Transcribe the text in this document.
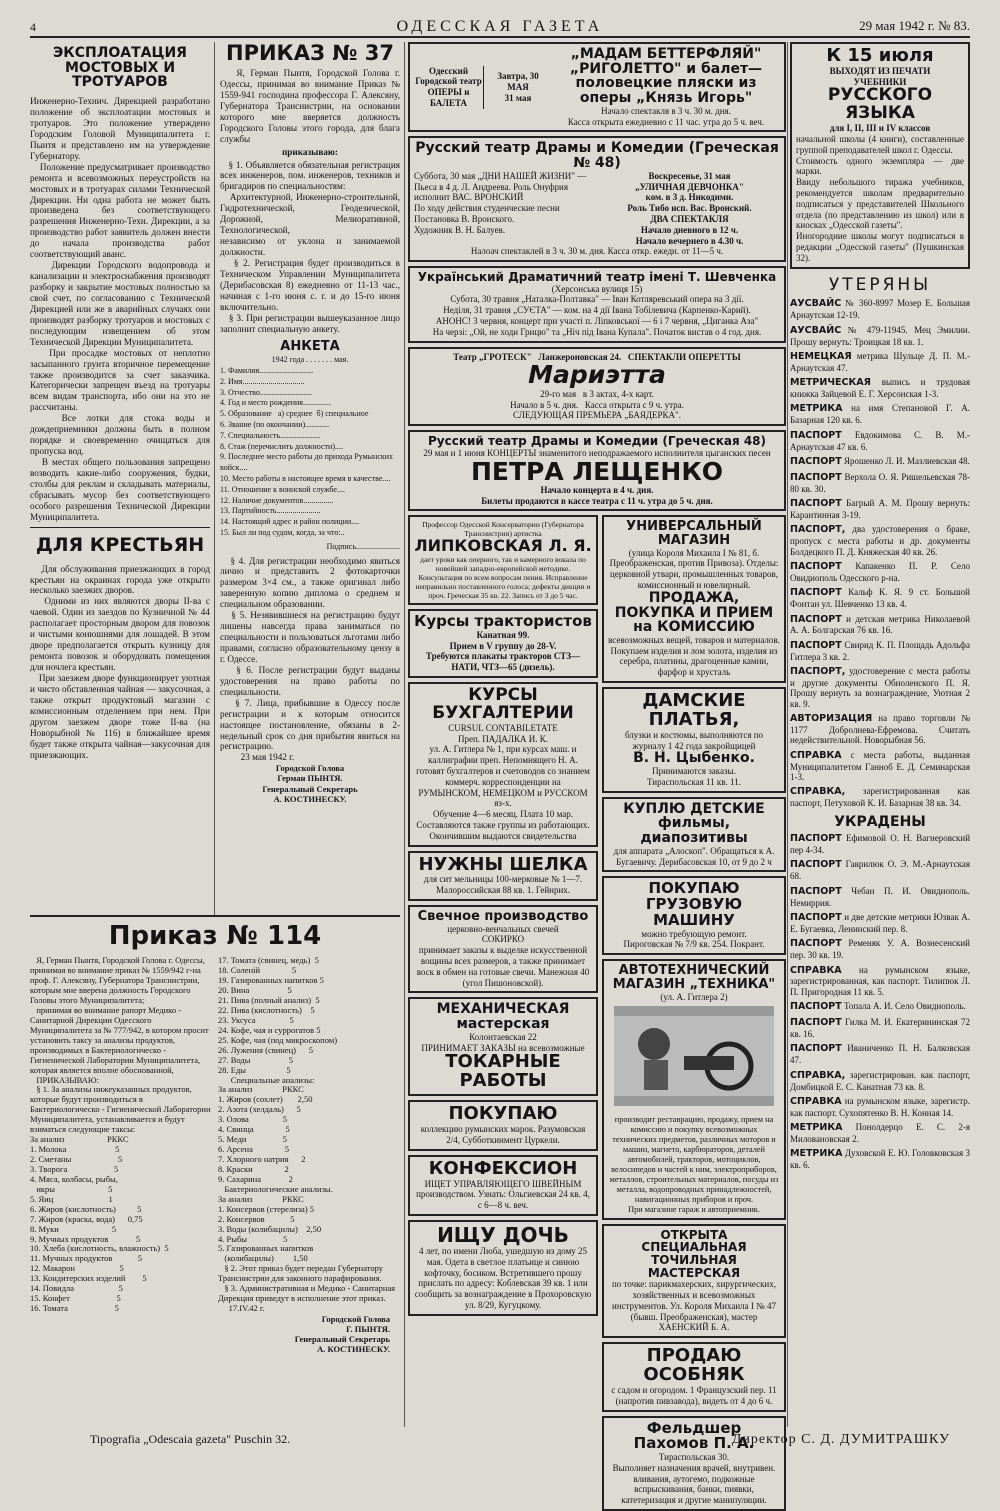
4	ОДЕССКАЯ ГАЗЕТА	29 мая 1942 г. № 83.
ЭКСПЛОАТАЦИЯ МОСТОВЫХ И ТРОТУАРОВ
Инженерно-Технич. Дирекцией разработано положение об эксплоатации мостовых и тротуаров. Это положение утверждено Городским Головой Муниципалитета г. Пынтя и представлено им на утверждение Губернатору.
Положение предусматривает производство ремонта и всевозможных переустройств на мостовых и в тротуарах силами Технической Дирекции. Ни одна работа не может быть произведена без соответствующего разрешения Инженерно-Техн. Дирекции, а за производство работ заявитель должен внести до начала производства работ соответствующий аванс.
Дирекции Городского водопровода и канализации и электроснабжения производят разборку и закрытие мостовых полностью за свой счет, по согласованию с Технической Дирекцией или же в аварийных случаях они производят разборку тротуаров и мостовых с последующим извещением об этом Технической Дирекции Муниципалитета.
При просадке мостовых от неплотно засыпанного грунта вторичное перемещение также производится за счет заказчика. Категорически запрещен въезд на тротуары всем видам транспорта, ибо они на это не рассчитаны.
Все лотки для стока воды и дождеприемники должны быть в полном порядке и своевременно очищаться для пропуска вод.
В местах общего пользования запрещено возводить какие-либо сооружения, будки, столбы для реклам и складывать материалы, сбрасывать мусор без соответствующего особого разрешения Технической Дирекции Муниципалитета.
ДЛЯ КРЕСТЬЯН
Для обслуживания приезжающих в город крестьян на окраинах города уже открыто несколько заезжих дворов.
Одними из них являются дворы II-ва с чаевой. Один из заездов по Кузничной № 44 располагает просторным двором для повозок и чистыми конюшнями для лошадей. В этом дворе предполагается открыть кузницу для ремонта повозок и оборудовать помещения для ночлега крестьян.
При заезжем дворе функционирует уютная и чисто обставленная чайная — закусочная, а также открыт продуктовый магазин с комиссионным отделением при нем. При другом заезжем дворе тоже II-ва (на Новорыбной № 116) в ближайшее время будет также открыта чайная—закусочная для приезжающих.
ПРИКАЗ № 37
Я, Герман Пынтя, Городской Голова г. Одессы, принимая во внимание Приказ № 1559-941 господина профессора Г. Алексяну, Губернатора Транснистрии, на основании которого мне вверяется должность Городского Головы этого города, для блага службы
приказываю:
§ 1. Объявляется обязательная регистрация всех инженеров, пом. инженеров, техников и бригадиров по специальностям:
Архитектурной, Инженерно-строительной, Гидротехнической, Геодезической, Дорожной, Мелиоративной, Технологической,
независимо от уклона и занимаемой должности.
§ 2. Регистрация будет производиться в Техническом Управлении Муниципалитета (Дерибасовская 8) ежедневно от 11-13 час., начиная с 1-го июня с. г. и до 15-го июня включительно.
§ 3. При регистрации вышеуказанное лицо заполнит специальную анкету.
АНКЕТА
1942 года . . . . . . . мая.
1. Фамилия...........................
2. Имя...............................
3. Отчество..........................
4. Год и место рождения..............
5. Образование   а) среднее  б) специальное
6. Звание (по окончании)............
7. Специальность....................
8. Стаж (перечислить должности)....
9. Последнее место работы до прихода Румынских войск....
10. Место работы в настоящее время в качестве....
11. Отношение к воинской службе....
12. Наличие документов...............
13. Партийность......................
14. Настоящий адрес и район полиции....
15. Был ли под судом, когда, за что:..
Подпись......................
§ 4. Для регистрации необходимо явиться лично и представить 2 фотокарточки размером 3×4 см., а также оригинал либо заверенную копию диплома о среднем и специальном образовании.
§ 5. Незявившиеся на регистрацию будут лишены навсегда права заниматься по специальности и пользоваться льготами либо правами, согласно образовательному цензу в г. Одессе.
§ 6. После регистрации будут выданы удостоверения на право работы по специальности.
§ 7. Лица, прибывшие в Одессу после регистрации и к которым относится настоящее постановление, обязаны в 2-недельный срок со дня прибытия явиться на регистрацию.
23 мая 1942 г.
Городской Голова
Герман ПЫНТЯ.
Генеральный Секретарь
А. КОСТИНЕСКУ.
Приказ № 114
Я, Герман Пынтя, Городской Голова г. Одессы, принимая во внимание приказ № 1559/942 г-на проф. Г. Алексяну, Губернатора Транснистрии, которым мне вверена должность Городского Головы этого Муниципалитета;
принимая во внимание рапорт Медико - Санитарной Дирекции Одесского Муниципалитета за № 777/942, в котором просит установить таксу за анализы продуктов, производимых в Бактериологическо - Гигиенической Лаборатории Муниципалитета, которая является вполне обоснованной,
ПРИКАЗЫВАЮ:
§ 1. За анализы нижеуказанных продуктов, которые будут производиться в Бактериологическо - Гигиенической Лаборатории Муниципалитета, устанавливается и будут взиматься следующие таксы:
За анализ                    РККС
1. Молока                       5
2. Сметаны                      5
3. Творога                      5
4. Мяса, колбасы, рыбы,
икры                         5
5. Яиц                          1
6. Жиров (кислотность)          5
7. Жиров (краска, вода)      0,75
8. Муки                         5
9. Мучных продуктов             5
10. Хлеба (кислотность, влажность)  5
11. Мучных продуктов            5
12. Макарон                     5
13. Кондитерских изделий        5
14. Повидла                     5
15. Конфет                      5
16. Томата                      5
17. Томата (свинец, медь)  5
18. Соленій               5
19. Газированных напитков 5
20. Вина                  5
21. Пива (полный анализ)  5
22. Пива (кислотность)    5
23. Уксуса                5
24. Кофе, чая и суррогатов 5
25. Кофе, чая (под микроскопом)
26. Лужения (свинец)      5
27. Воды                  5
28. Еды                   5
Специальные анализы:
За анализ              РККС
1. Жиров (сохлет)       2,50
2. Азота (хелдаль)      5
3. Олова                5
4. Свинца               5
5. Меди                 5
6. Арсена               5
7. Хлорного натрия      2
8. Краски               2
9. Сахарина             2
Бактериологические анализы.
За анализ              РККС
1. Консервов (стерелиза) 5
2. Консервов            5
3. Воды (колибацилы)    2,50
4. Рыбы                 5
5. Газированных напитков
(колибацилы)         1,50
§ 2. Этот приказ будет передан Губернатору Транснистрии для законного парафирования.
§ 3. Административная и Медико - Санитарная Дирекция приведут в исполнение этот приказ.
17.IV.42 г.
Городской Голова
Г. ПЫНТЯ.
Генеральный Секретарь
А. КОСТИНЕСКУ.
Одесский Городской театр ОПЕРЫ и БАЛЕТА
Завтра, 30 МАЯ
31 мая
„МАДАМ БЕТТЕРФЛЯЙ"
„РИГОЛЕТТО" и балет—половецкие пляски из оперы „Князь Игорь"
Начало спектакля в 3 ч. 30 м. дня.
Касса открыта ежедневно с 11 час. утра до 5 ч. веч.
Русский театр Драмы и Комедии (Греческая № 48)
Суббота, 30 мая „ДНИ НАШЕЙ ЖИЗНИ" — Пьеса в 4 д. Л. Андреева. Роль Онуфрия исполнит ВАС. ВРОНСКИЙ
По ходу действия студенческие песни
Постановка В. Вронского.
Художник В. Н. Балуев.
Воскресенье, 31 мая
„УЛИЧНАЯ ДЕВЧОНКА"
ком. в 3 д. Никодими.
Роль Тибо исп. Вас. Вронский.
ДВА СПЕКТАКЛЯ
Начало дневного в 12 ч.
Начало вечернего в 4.30 ч.
Налоач спектаклей в 3 ч. 30 м. дня. Касса откр. ежедн. от 11—5 ч.
Український Драматичний театр імені Т. Шевченка
(Херсонська вулиця 15)
Субота, 30 травня „Наталка-Полтавка" — Іван Котляревський опера на 3 дії.
Неділя, 31 травня „СУЄТА" — ком. на 4 дії Івана Тобілевича (Карпенко-Карий).
АНОНС! 3 червня, концерт при участі п. Ліпковської — 6 і 7 червня, „Циганка Аза"
На черзі: „Ой, не ходи Грицю" та „Ніч під Івана Купала". Початок вистав о 4 год. дня.
Театр „ГРОТЕСК"   Ланжероновская 24.   СПЕКТАКЛИ ОПЕРЕТТЫ
Мариэтта
29-го мая   в 3 актах, 4-х карт.
Начало в 5 ч. дня.   Касса открыта с 9 ч. утра.
СЛЕДУЮЩАЯ ПРЕМЬЕРА „БАЯДЕРКА".
Русский театр Драмы и Комедии (Греческая 48)
29 мая и 1 июня КОНЦЕРТЫ знаменитого неподражаемого исполнителя цыганских песен
ПЕТРА ЛЕЩЕНКО
Начало концерта в 4 ч. дня.
Билеты продаются в кассе театра с 11 ч. утра до 5 ч. дня.
Профессор Одесской Консерватории (Губернатора Транснистрии) артистка
ЛИПКОВСКАЯ Л. Я.
дает уроки как оперного, так и камерного вокала по новейшей западно-европейской методике. Консультация по всем вопросам пения. Исправление неправильно поставленного голоса; дефекты дикции и проч. Греческая 35 кв. 22. Запись от 3 до 5 час.
Курсы трактористов
Канатная 99.
Прием в V группу до 28-V.
Требуются плакаты тракторов СТЗ—НАТИ, ЧТЗ—65 (дизель).
КУРСЫ БУХГАЛТЕРИИ
CURSUL CONTABILEТАТЕ
Преп. ПАДАЛКА И. К.
ул. А. Гитлера № 1, при курсах маш. и каллиграфии преп. Непомнящего Н. А.
готовят бухгалтеров и счетоводов со знанием коммерч. корреспонденции на РУМЫНСКОМ, НЕМЕЦКОМ и РУССКОМ яз-х.
Обучение 4—6 месяц. Плата 10 мар. Составляются также группы из работающих.
Окончившим выдаются свидетельства
НУЖНЫ ШЕЛКА
для сит мельницы 100-мерковые № 1—7.
Малороссийская 88 кв. 1. Гейнрих.
Свечное производство
церковно-венчальных свечей
СОКИРКО
принимает заказы к выделке искусственной вощины всех размеров, а также принимает воск в обмен на готовые свечи. Манежная 40 (угол Пишоновской).
МЕХАНИЧЕСКАЯ мастерская
Колонтаевская 22
ПРИНИМАЕТ ЗАКАЗЫ на всевозможные
ТОКАРНЫЕ РАБОТЫ
ПОКУПАЮ
коллекцию румынских марок. Разумовская 2/4, Субботкинмент Цуркели.
КОНФЕКСИОН
ИЩЕТ УПРАВЛЯЮЩЕГО ШВЕЙНЫМ производством. Узнать: Ольгиевская 24 кв. 4, с 6—8 ч. веч.
ИЩУ ДОЧЬ
4 лет, по имени Люба, ушедшую из дому 25 мая. Одета в светлое платьице и синюю кофточку, босиком. Встретившего прошу прислать по адресу: Коблевская 39 кв. 1 или сообщить за вознаграждение в Прохоровскую ул. 8/29, Кугуцкому.
УНИВЕРСАЛЬНЫЙ МАГАЗИН
(улица Короля Михаила I № 81, б. Преображенская, против Привоза). Отделы: церковной утвари, промышленных товаров, комиссионный и ювелирный.
ПРОДАЖА, ПОКУПКА И ПРИЕМ на КОМИССИЮ
всевозможных вещей, товаров и материалов.
Покупаем изделия и лом золота, изделия из серебра, платины, драгоценные камни, фарфор и хрусталь
ДАМСКИЕ ПЛАТЬЯ,
блузки и костюмы, выполняются по журналу 1 42 года закройщицей
В. Н. Цыбенко.
Принимаются заказы.
Тираспольская 11 кв. 11.
КУПЛЮ ДЕТСКИЕ фильмы, диапозитивы
для аппарата „Алоскоп". Обращаться к А. Бугаевичу. Дерибасовская 10, от 9 до 2 ч
ПОКУПАЮ ГРУЗОВУЮ МАШИНУ
можно требующую ремонт.
Пироговская № 7/9 кв. 254. Покрант.
АВТОТЕХНИЧЕСКИЙ МАГАЗИН „ТЕХНИКА"
(ул. А. Гитлера 2)
производит реставрацию, продажу, прием на комиссию и покупку всевозможных технических предметов, различных моторов и машин, магнето, карбюраторов, деталей автомобилей, тракторов, мотоциклов, велосипедов и частей к ним, электроприборов, металлов, строительных материалов, посуды из металла, водопроводных принадлежностей, навигационных приборов и проч.
При магазине гараж и автоприемник.
ОТКРЫТА СПЕЦИАЛЬНАЯ ТОЧИЛЬНАЯ МАСТЕРСКАЯ
по точке: парикмахерских, хирургических, хозяйственных и всевозможных инструментов. Ул. Короля Михаила I № 47 (бывш. Преображенская), мастер ХАЕНСКИЙ Б. А.
ПРОДАЮ ОСОБНЯК
с садом и огородом. 1 Французский пер. 11 (напротив пивзавода), видеть от 4 до 6 ч.
Фельдшер Пахомов П. А.
Тираспольская 30.
Выполняет назначения врачей, внутривен. вливания, аутогемо, подкожные вспрыскивания, банки, пиявки, катетеризация и другие манипуляции.
К 15 июля
ВЫХОДЯТ ИЗ ПЕЧАТИ
УЧЕБНИКИ
РУССКОГО ЯЗЫКА
для I, II, III и IV классов
начальной школы (4 книги), составленные группой преподавателей школ г. Одессы.
Стоимость одного экземпляра — две марки.
Ввиду небольшого тиража учебников, рекомендуется школам предварительно подписаться у представителей Школьного отдела (по представлению из школ) или в киосках „Одесской газеты".
Иногородние школы могут подписаться в редакции „Одесской газеты" (Пушкинская 32).
УТЕРЯНЫ
АУСВАЙС № 360-8997 Мозер Е. Большая Арнаутская 12-19.
АУСВАЙС № 479-11945. Мец Эмилии. Прошу вернуть: Троицкая 18 кв. 1.
НЕМЕЦКАЯ метрика Шульце Д. П. М.-Арнаутская 47.
МЕТРИЧЕСКАЯ выпись и трудовая книжка Зайцевой Е. Г. Херсонская 1-3.
МЕТРИКА на имя Степановой Г. А. Базарная 120 кв. 6.
ПАСПОРТ Евдокимова С. В. М.-Арнаутская 47 кв. 6.
ПАСПОРТ Ярошенко Л. И. Мазлиевская 48.
ПАСПОРТ Верхола О. Я. Ришельевская 78-80 кв. 30.
ПАСПОРТ Багрый А. М. Прошу вернуть: Карантинная 3-19.
ПАСПОРТ, два удостоверения о браке, пропуск с места работы и др. документы Болдецкого П. Д. Княжеская 40 кв. 26.
ПАСПОРТ Капакенко П. Р. Село Овидиополь Одесского р-на.
ПАСПОРТ Кальф К. Я. 9 ст. Большой Фонтан ул. Шевченко 13 кв. 4.
ПАСПОРТ и детская метрика Николаевой А. А. Болгарская 76 кв. 16.
ПАСПОРТ Свирид К. П. Площадь Адольфа Гитлера 3 кв. 2.
ПАСПОРТ, удостоверение с места работы и другие документы Обноленского П. Я. Прошу вернуть за вознаграждение, Уютная 2 кв. 9.
АВТОРИЗАЦИЯ на право торговли № 1177 Добролнева-Ефремова. Считать недействительной. Новорыбная 56.
СПРАВКА с места работы, выданная Муниципалитетом Ганноб Е. Д. Семинарская 1-3.
СПРАВКА, зарегистрированная как паспорт, Петуховой К. И. Базарная 38 кв. 34.
УКРАДЕНЫ
ПАСПОРТ Ефимовой О. Н. Вагнеровский пер 4-34.
ПАСПОРТ Гаврилюк О. Э. М.-Арнаутская 68.
ПАСПОРТ Чебан П. И. Овидиополь. Немиррия.
ПАСПОРТ и две детские метрики Юзвак А. Е. Бугаевка, Ленинский пер. 8.
ПАСПОРТ Ременяк У. А. Вознесенский пер. 30 кв. 19.
СПРАВКА на румынском языке, зарегистрированная, как паспорт. Тилипюк Л. П. Пригородная 11 кв. 5.
ПАСПОРТ Топала А. И. Село Овидиополь.
ПАСПОРТ Гилка М. И. Екатерининская 72 кв. 16.
ПАСПОРТ Иваниченко П. Н. Балковская 47.
СПРАВКА, зарегистрирован. как паспорт, Домбицкой Е. С. Канатная 73 кв. 8.
СПРАВКА на румынском языке, зарегистр. как паспорт. Сухопятенко В. Н. Конная 14.
МЕТРИКА Понолдерцо Е. С. 2-я Миловановская 2.
МЕТРИКА Духовской Е. Ю. Головковская 3 кв. 6.
Tipografia „Odescaia gazeta" Puschin 32.	Директор С. Д. ДУМИТРАШКУ
